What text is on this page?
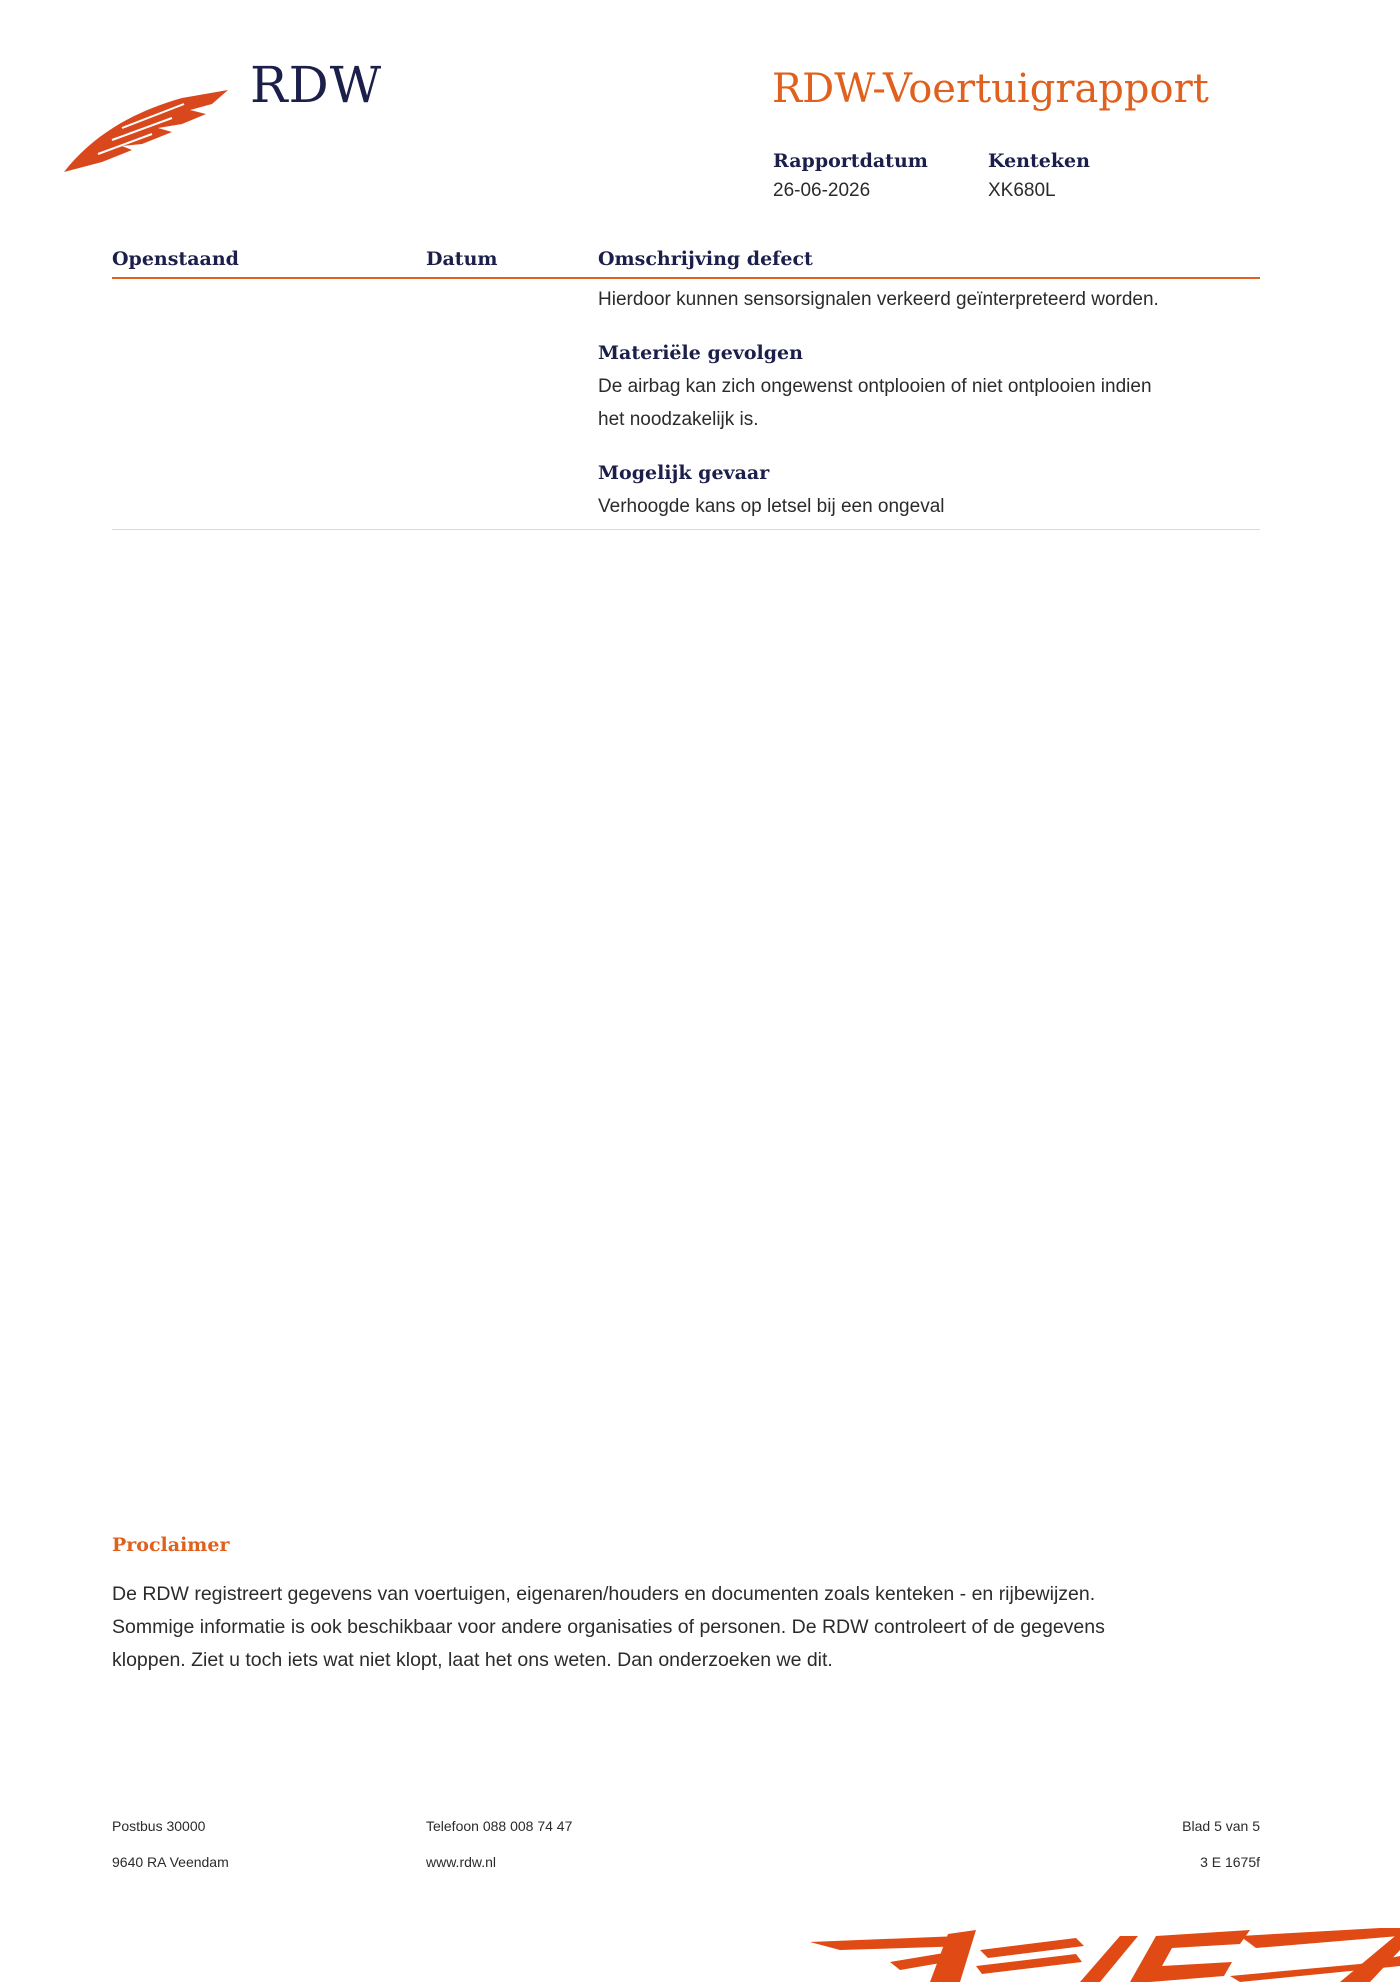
RDW	RDW-Voertuigrapport
Rapportdatum
26-06-2026
Kenteken
XK680L
Openstaand	Datum	Omschrijving defect

Hierdoor kunnen sensorsignalen verkeerd geïnterpreteerd worden.

Materiële gevolgen

De airbag kan zich ongewenst ontplooien of niet ontplooien indien

het noodzakelijk is.

Mogelijk gevaar

Verhoogde kans op letsel bij een ongeval

Proclaimer
De RDW registreert gegevens van voertuigen, eigenaren/houders en documenten zoals kenteken - en rijbewijzen.
Sommige informatie is ook beschikbaar voor andere organisaties of personen. De RDW controleert of de gegevens
kloppen. Ziet u toch iets wat niet klopt, laat het ons weten. Dan onderzoeken we dit.
Postbus 30000
9640 RA Veendam
Telefoon 088 008 74 47
www.rdw.nl
Blad 5 van 5
3 E 1675f
